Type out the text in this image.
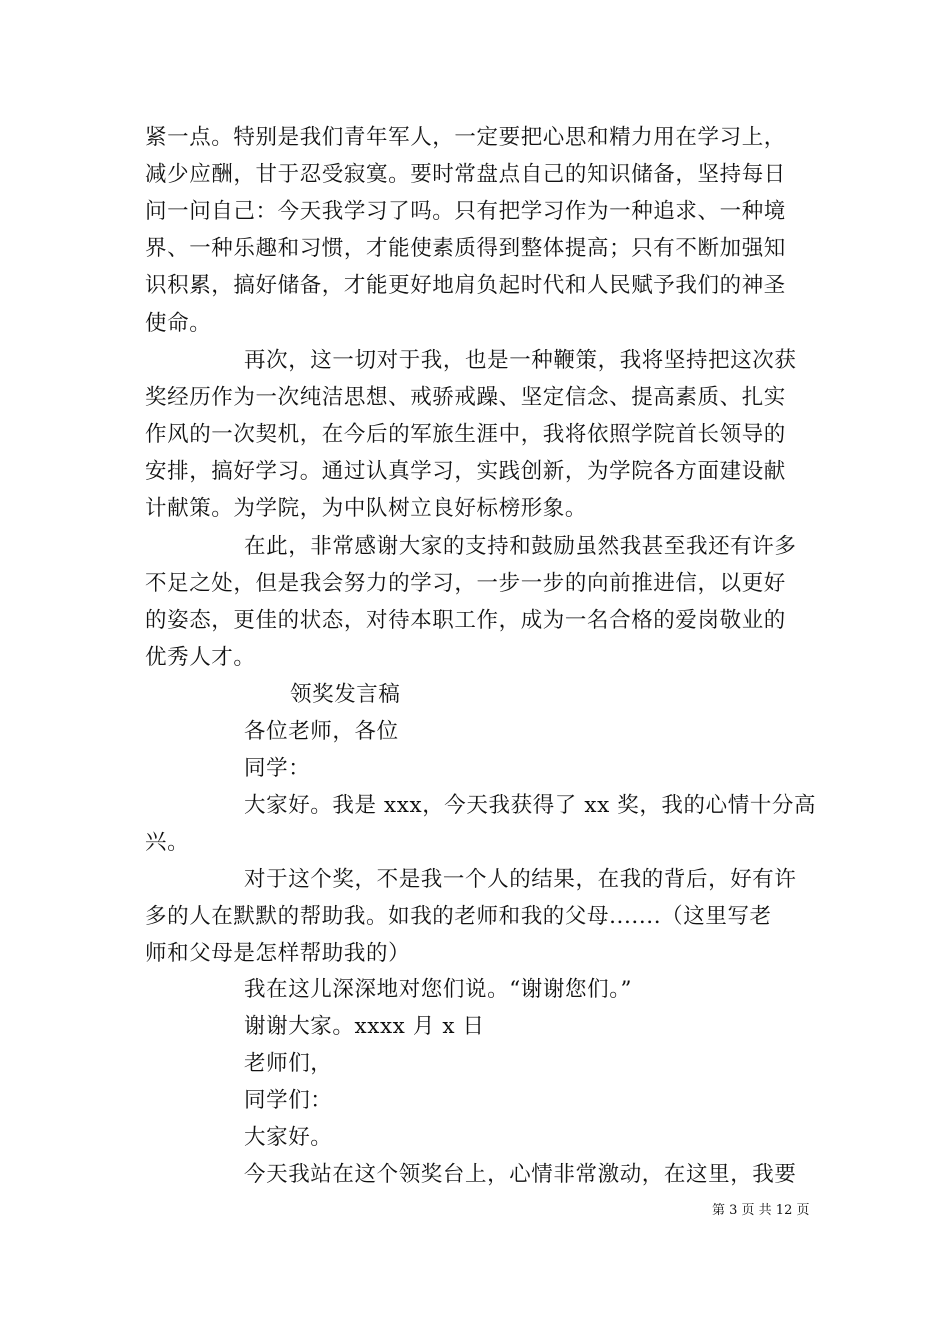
紧一点。特别是我们青年军人，一定要把心思和精力用在学习上，
减少应酬，甘于忍受寂寞。要时常盘点自己的知识储备，坚持每日
问一问自己：今天我学习了吗。只有把学习作为一种追求、一种境
界、一种乐趣和习惯，才能使素质得到整体提高；只有不断加强知
识积累，搞好储备，才能更好地肩负起时代和人民赋予我们的神圣
使命。
再次，这一切对于我，也是一种鞭策，我将坚持把这次获
奖经历作为一次纯洁思想、戒骄戒躁、坚定信念、提高素质、扎实
作风的一次契机，在今后的军旅生涯中，我将依照学院首长领导的
安排，搞好学习。通过认真学习，实践创新，为学院各方面建设献
计献策。为学院，为中队树立良好标榜形象。
在此，非常感谢大家的支持和鼓励虽然我甚至我还有许多
不足之处，但是我会努力的学习，一步一步的向前推进信，以更好
的姿态，更佳的状态，对待本职工作，成为一名合格的爱岗敬业的
优秀人才。
领奖发言稿
各位老师，各位
同学：
大家好。我是 xxx，今天我获得了 xx 奖，我的心情十分高
兴。
对于这个奖，不是我一个人的结果，在我的背后，好有许
多的人在默默的帮助我。如我的老师和我的父母.......（这里写老
师和父母是怎样帮助我的）
我在这儿深深地对您们说。“谢谢您们。”
谢谢大家。xxxx 月 x 日
老师们，
同学们：
大家好。
今天我站在这个领奖台上，心情非常激动，在这里，我要
第 3 页 共 12 页
